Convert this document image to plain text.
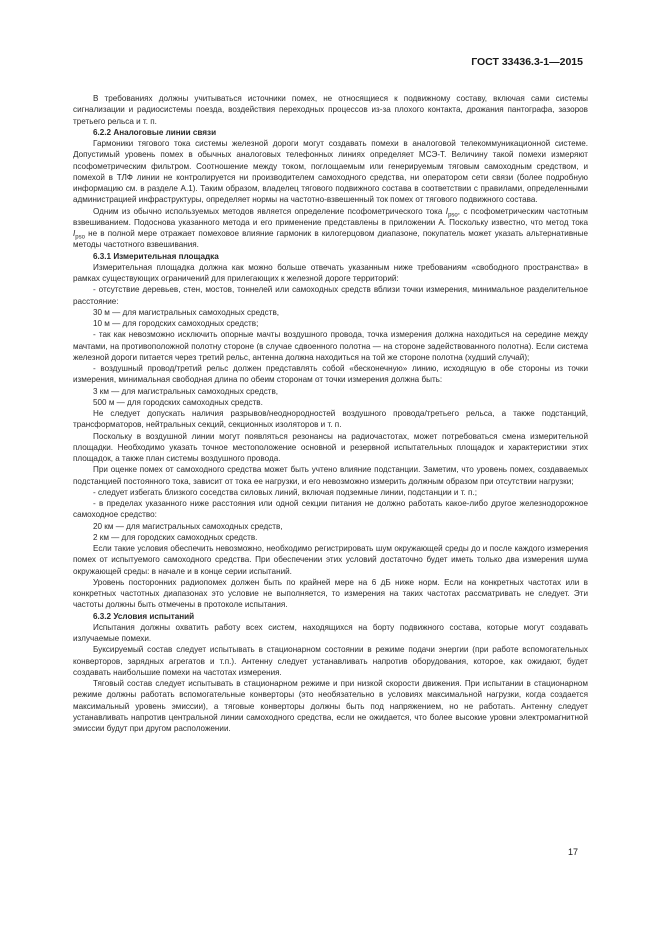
ГОСТ 33436.3-1—2015

В требованиях должны учитываться источники помех, не относящиеся к подвижному составу, включая сами системы сигнализации и радиосистемы поезда, воздействия переходных процессов из-за плохого контакта, дрожания пантографа, зазоров третьего рельса и т. п.

6.2.2 Аналоговые линии связи

Гармоники тягового тока системы железной дороги могут создавать помехи в аналоговой телекоммуникационной системе. Допустимый уровень помех в обычных аналоговых телефонных линиях определяет МСЭ-Т. Величину такой помехи измеряют псофометрическим фильтром. Соотношение между током, поглощаемым или генерируемым тяговым самоходным средством, и помехой в ТЛФ линии не контролируется ни производителем самоходного средства, ни оператором сети связи (более подробную информацию см. в разделе А.1). Таким образом, владелец тягового подвижного состава в соответствии с правилами, определенными администрацией инфраструктуры, определяет нормы на частотно-взвешенный ток помех от тягового подвижного состава.

Одним из обычно используемых методов является определение псофометрического тока $I_{pso}$, с псофометрическим частотным взвешиванием. Подоснова указанного метода и его применение представлены в приложении А. Поскольку известно, что метод тока $I_{pso}$ не в полной мере отражает помеховое влияние гармоник в килогерцовом диапазоне, покупатель может указать альтернативные методы частотного взвешивания.

6.3.1 Измерительная площадка

Измерительная площадка должна как можно больше отвечать указанным ниже требованиям «свободного пространства» в рамках существующих ограничений для прилегающих к железной дороге территорий:

- отсутствие деревьев, стен, мостов, тоннелей или самоходных средств вблизи точки измерения, минимальное разделительное расстояние:

30 м — для магистральных самоходных средств,

10 м — для городских самоходных средств;

- так как невозможно исключить опорные мачты воздушного провода, точка измерения должна находиться на середине между мачтами, на противоположной полотну стороне (в случае сдвоенного полотна — на стороне задействованного полотна). Если система железной дороги питается через третий рельс, антенна должна находиться на той же стороне полотна (худший случай);

- воздушный провод/третий рельс должен представлять собой «бесконечную» линию, исходящую в обе стороны из точки измерения, минимальная свободная длина по обеим сторонам от точки измерения должна быть:

3 км — для магистральных самоходных средств,

500 м — для городских самоходных средств.

Не следует допускать наличия разрывов/неоднородностей воздушного провода/третьего рельса, а также подстанций, трансформаторов, нейтральных секций, секционных изоляторов и т. п.

Поскольку в воздушной линии могут появляться резонансы на радиочастотах, может потребоваться смена измерительной площадки. Необходимо указать точное местоположение основной и резервной испытательных площадок и характеристики этих площадок, а также план системы воздушного провода.

При оценке помех от самоходного средства может быть учтено влияние подстанции. Заметим, что уровень помех, создаваемых подстанцией постоянного тока, зависит от тока ее нагрузки, и его невозможно измерить должным образом при отсутствии нагрузки;

- следует избегать близкого соседства силовых линий, включая подземные линии, подстанции и т. п.;

- в пределах указанного ниже расстояния или одной секции питания не должно работать какое-либо другое железнодорожное самоходное средство:

20 км — для магистральных самоходных средств,

2 км — для городских самоходных средств.

Если такие условия обеспечить невозможно, необходимо регистрировать шум окружающей среды до и после каждого измерения помех от испытуемого самоходного средства. При обеспечении этих условий достаточно будет иметь только два измерения шума окружающей среды: в начале и в конце серии испытаний.

Уровень посторонних радиопомех должен быть по крайней мере на 6 дБ ниже норм. Если на конкретных частотах или в конкретных частотных диапазонах это условие не выполняется, то измерения на таких частотах рассматривать не следует. Эти частоты должны быть отмечены в протоколе испытания.

6.3.2 Условия испытаний

Испытания должны охватить работу всех систем, находящихся на борту подвижного состава, которые могут создавать излучаемые помехи.

Буксируемый состав следует испытывать в стационарном состоянии в режиме подачи энергии (при работе вспомогательных конверторов, зарядных агрегатов и т.п.). Антенну следует устанавливать напротив оборудования, которое, как ожидают, будет создавать наибольшие помехи на частотах измерения.

Тяговый состав следует испытывать в стационарном режиме и при низкой скорости движения. При испытании в стационарном режиме должны работать вспомогательные конверторы (это необязательно в условиях максимальной нагрузки, когда создается максимальный уровень эмиссии), а тяговые конверторы должны быть под напряжением, но не работать. Антенну следует устанавливать напротив центральной линии самоходного средства, если не ожидается, что более высокие уровни электромагнитной эмиссии будут при другом расположении.

17
